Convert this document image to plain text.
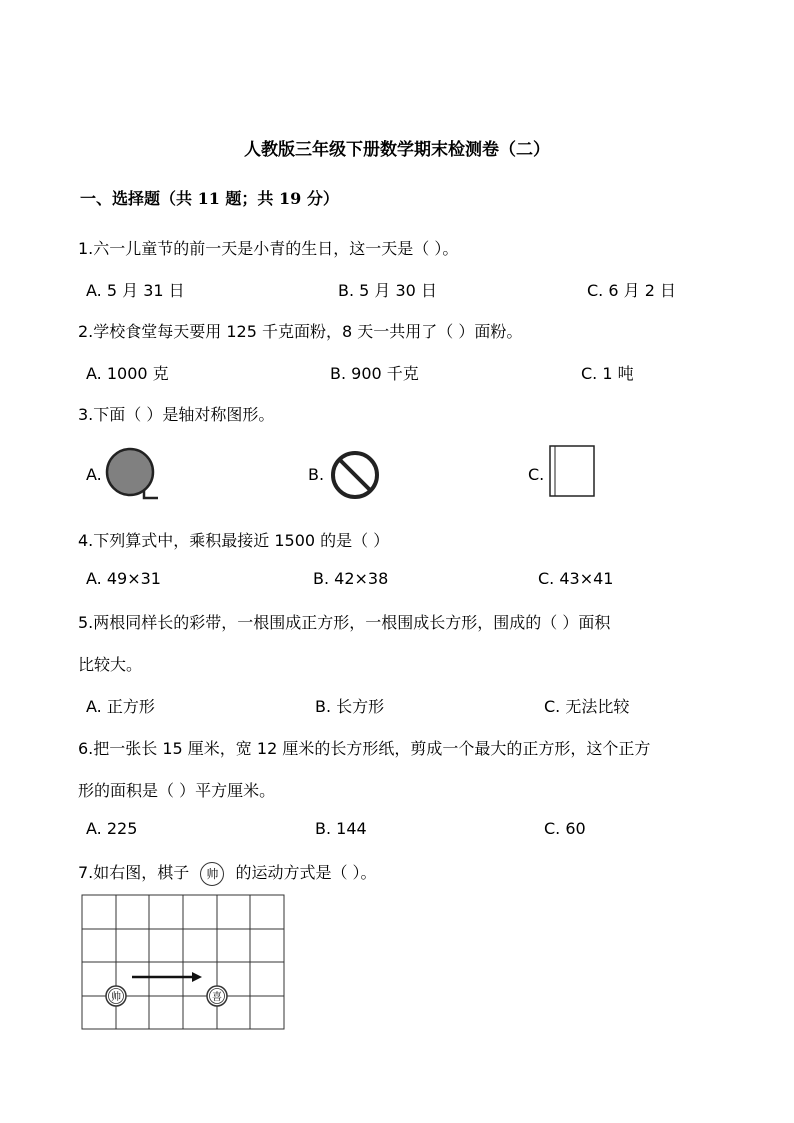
人教版三年级下册数学期末检测卷（二）
一、选择题（共 11 题；共 19 分）
1.六一儿童节的前一天是小青的生日，这一天是（ ）。
A. 5 月 31 日	B. 5 月 30 日	C. 6 月 2 日
2.学校食堂每天要用 125 千克面粉，8 天一共用了（ ）面粉。
A. 1000 克	B. 900 千克	C. 1 吨
3.下面（ ）是轴对称图形。
A.	B.	C.
4.下列算式中，乘积最接近 1500 的是（ ）
A. 49×31	B. 42×38	C. 43×41
5.两根同样长的彩带，一根围成正方形，一根围成长方形，围成的（ ）面积
比较大。
A. 正方形	B. 长方形	C. 无法比较
6.把一张长 15 厘米，宽 12 厘米的长方形纸，剪成一个最大的正方形，这个正方
形的面积是（ ）平方厘米。
A. 225	B. 144	C. 60
7.如右图，棋子 帅 的运动方式是（ ）。
帅	喜
